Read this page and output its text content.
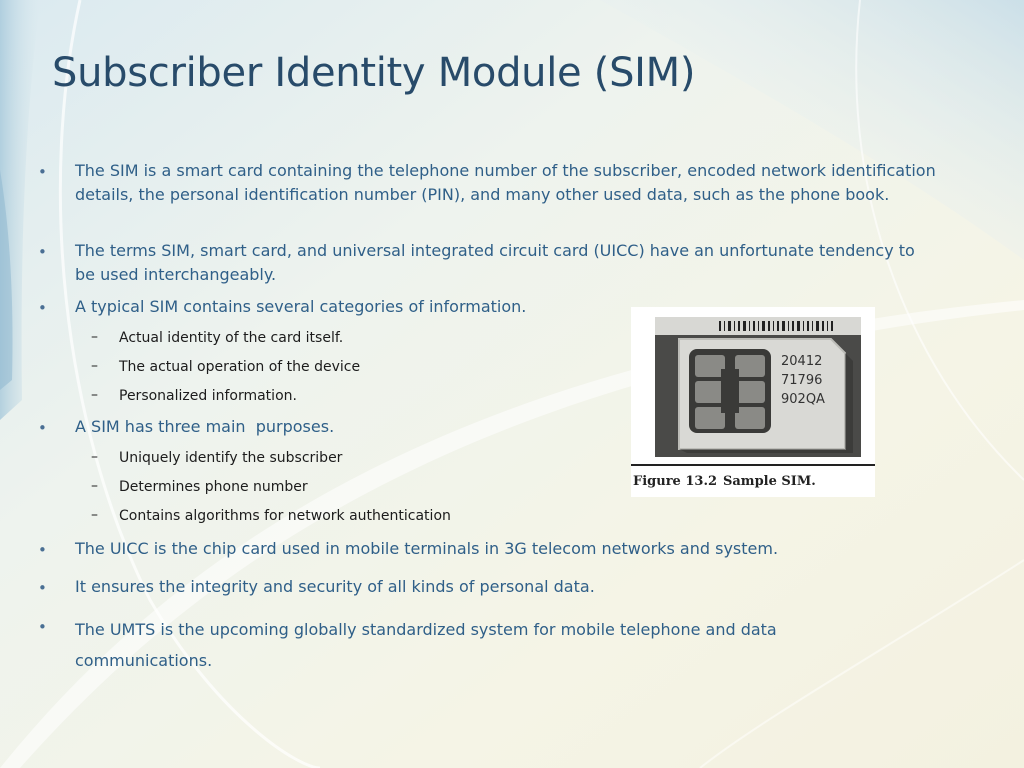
Subscriber Identity Module (SIM)
• The SIM is a smart card containing the telephone number of the subscriber, encoded network identification details, the personal identification number (PIN), and many other used data, such as the phone book.

• The terms SIM, smart card, and universal integrated circuit card (UICC) have an unfortunate tendency to be used interchangeably.

• A typical SIM contains several categories of information.

– Actual identity of the card itself.

– The actual operation of the device

– Personalized information.

• A SIM has three main  purposes.

– Uniquely identify the subscriber

– Determines phone number

– Contains algorithms for network authentication

• The UICC is the chip card used in mobile terminals in 3G telecom networks and system.

• It ensures the integrity and security of all kinds of personal data.

• The UMTS is the upcoming globally standardized system for mobile telephone and data communications.

20412
71796
902QA
Figure 13.2 Sample SIM.
